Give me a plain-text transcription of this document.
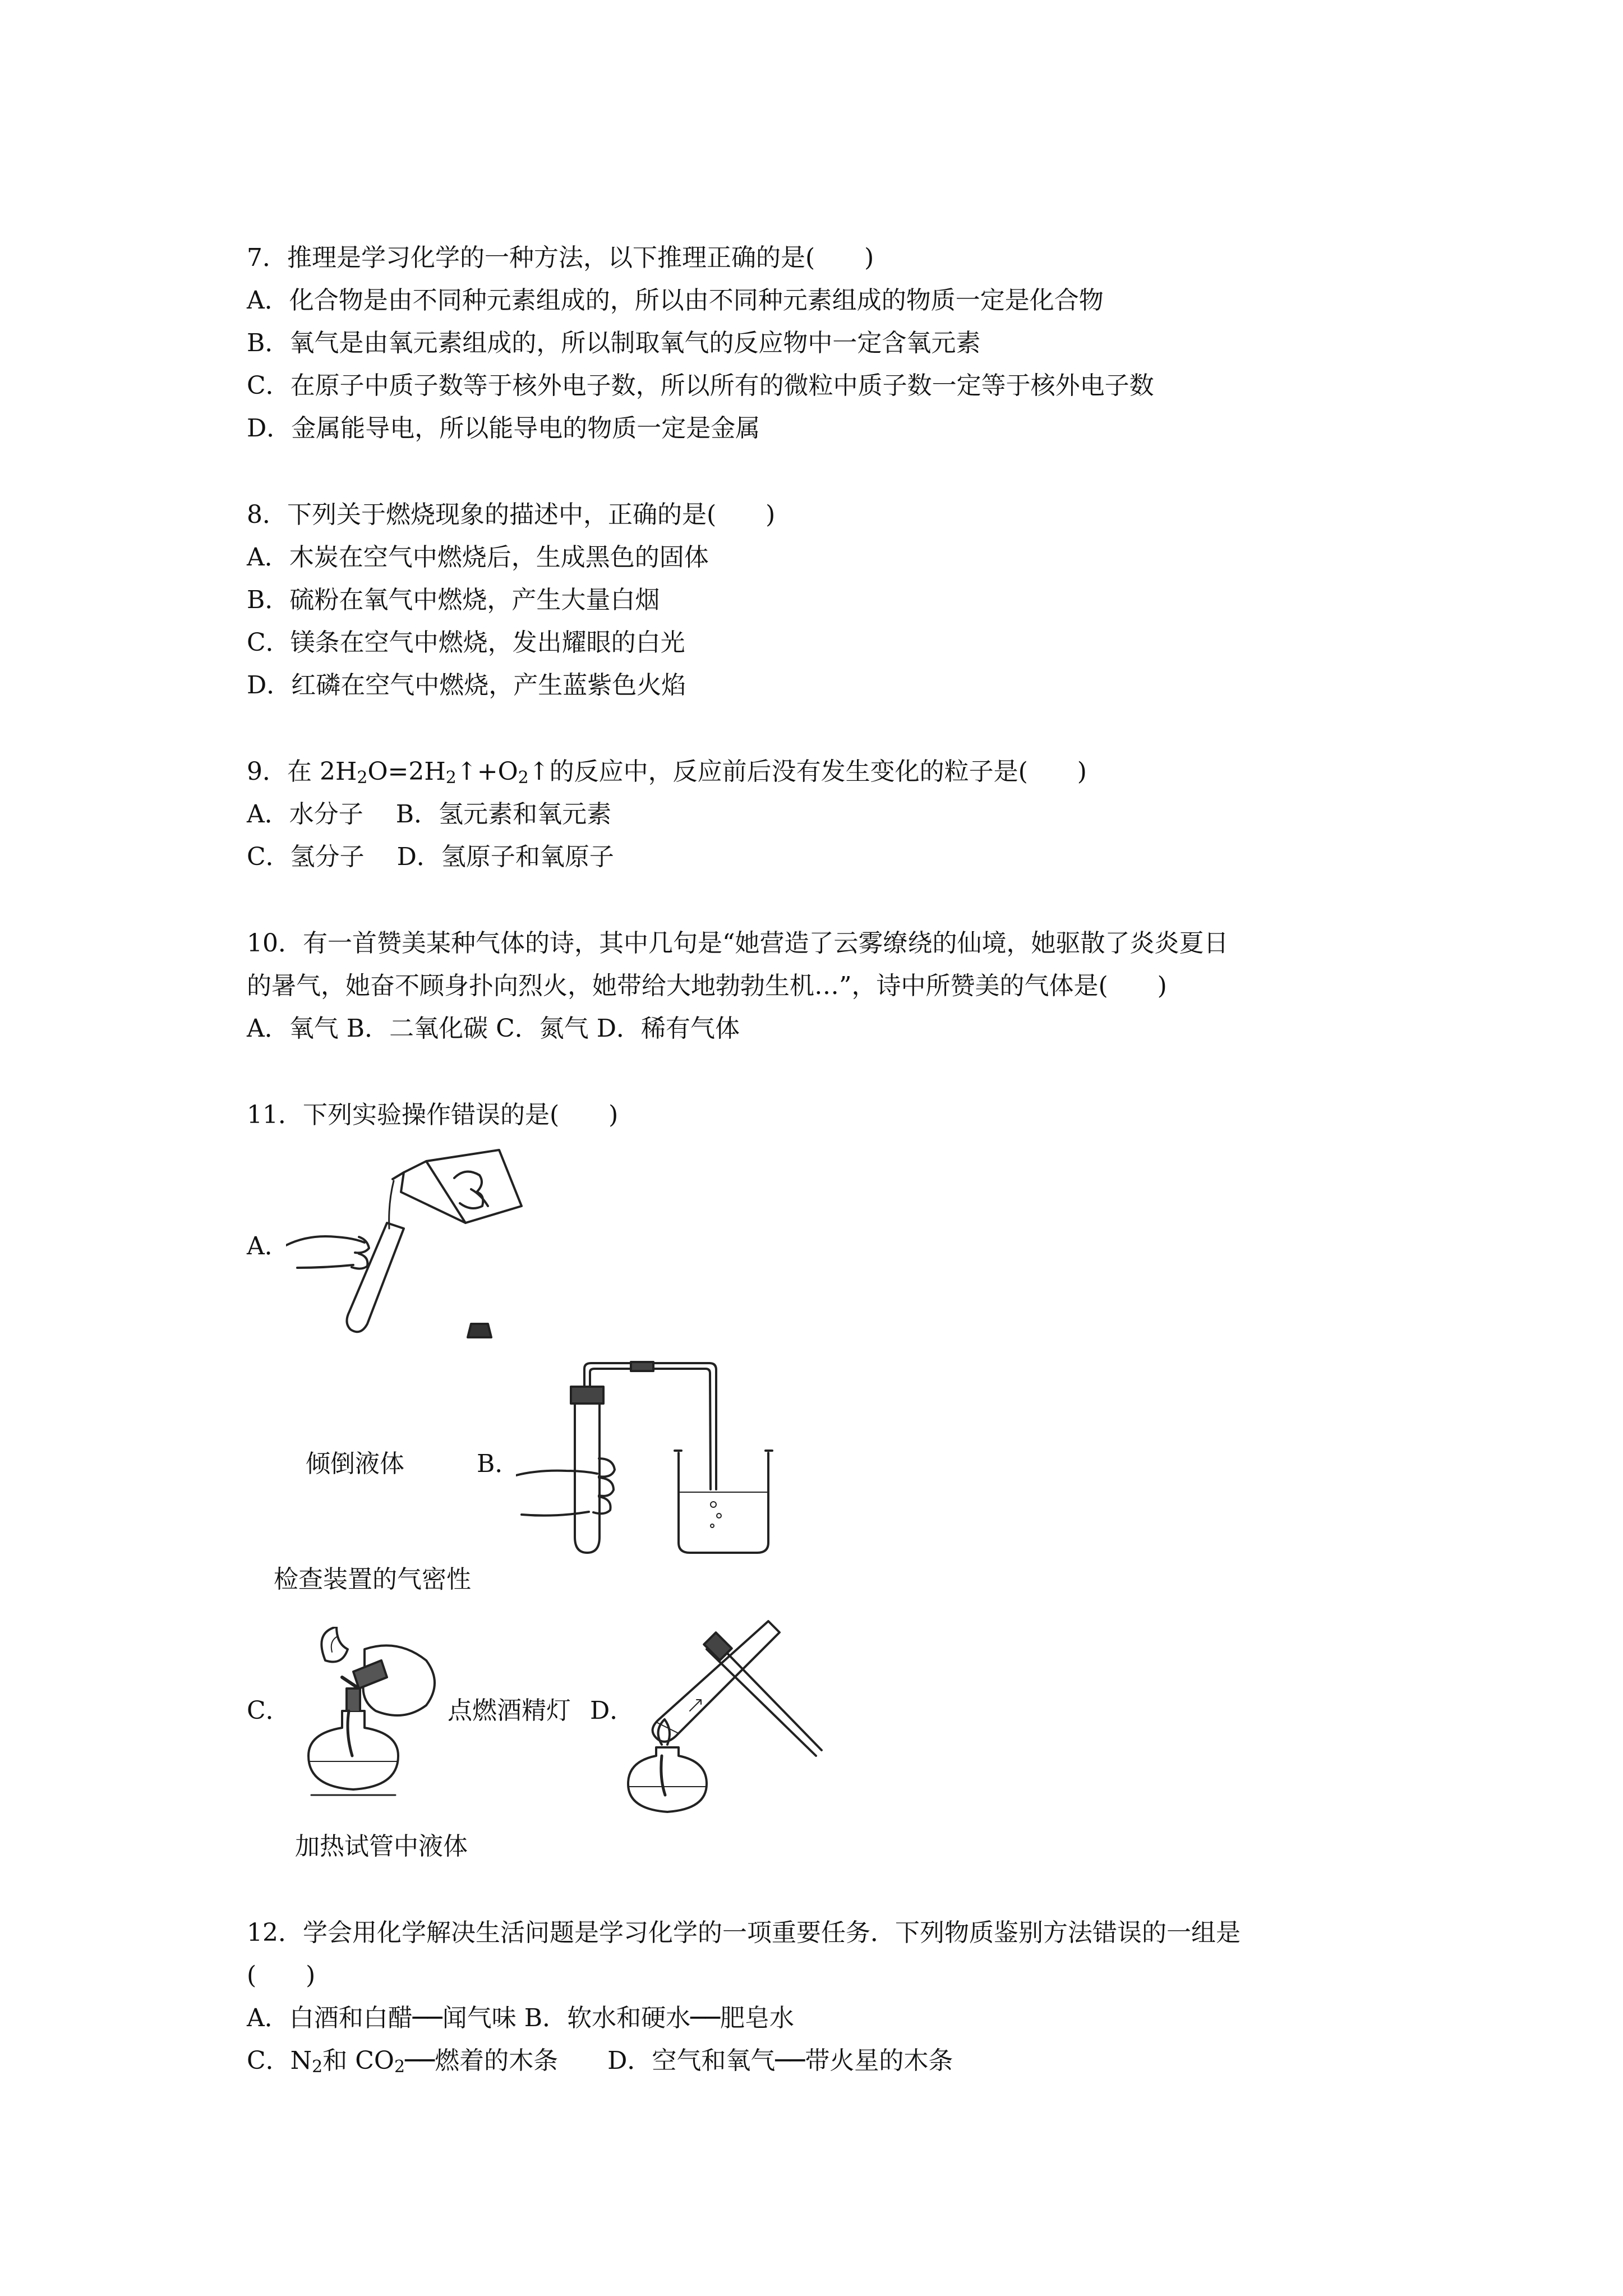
7．推理是学习化学的一种方法，以下推理正确的是(　　)
A．化合物是由不同种元素组成的，所以由不同种元素组成的物质一定是化合物
B．氧气是由氧元素组成的，所以制取氧气的反应物中一定含氧元素
C．在原子中质子数等于核外电子数，所以所有的微粒中质子数一定等于核外电子数
D．金属能导电，所以能导电的物质一定是金属
8．下列关于燃烧现象的描述中，正确的是(　　)
A．木炭在空气中燃烧后，生成黑色的固体
B．硫粉在氧气中燃烧，产生大量白烟
C．镁条在空气中燃烧，发出耀眼的白光
D．红磷在空气中燃烧，产生蓝紫色火焰
9．在 $2H_2O=2H_2↑+O_2↑$的反应中，反应前后没有发生变化的粒子是(　　)
A．水分子　 B．氢元素和氧元素
C．氢分子　 D．氢原子和氧原子
10．有一首赞美某种气体的诗，其中几句是“她营造了云雾缭绕的仙境，她驱散了炎炎夏日
的暑气，她奋不顾身扑向烈火，她带给大地勃勃生机…”，诗中所赞美的气体是(　　)
A．氧气 B．二氧化碳 C．氮气 D．稀有气体
11．下列实验操作错误的是(　　)
A．
倾倒液体	B．
检查装置的气密性
C．	点燃酒精灯 D．
加热试管中液体
12．学会用化学解决生活问题是学习化学的一项重要任务．下列物质鉴别方法错误的一组是
(　　)
A．白酒和白醋──闻气味 B．软水和硬水──肥皂水
C．$N_2$和 $CO_2──$燃着的木条　　D．空气和氧气──带火星的木条
